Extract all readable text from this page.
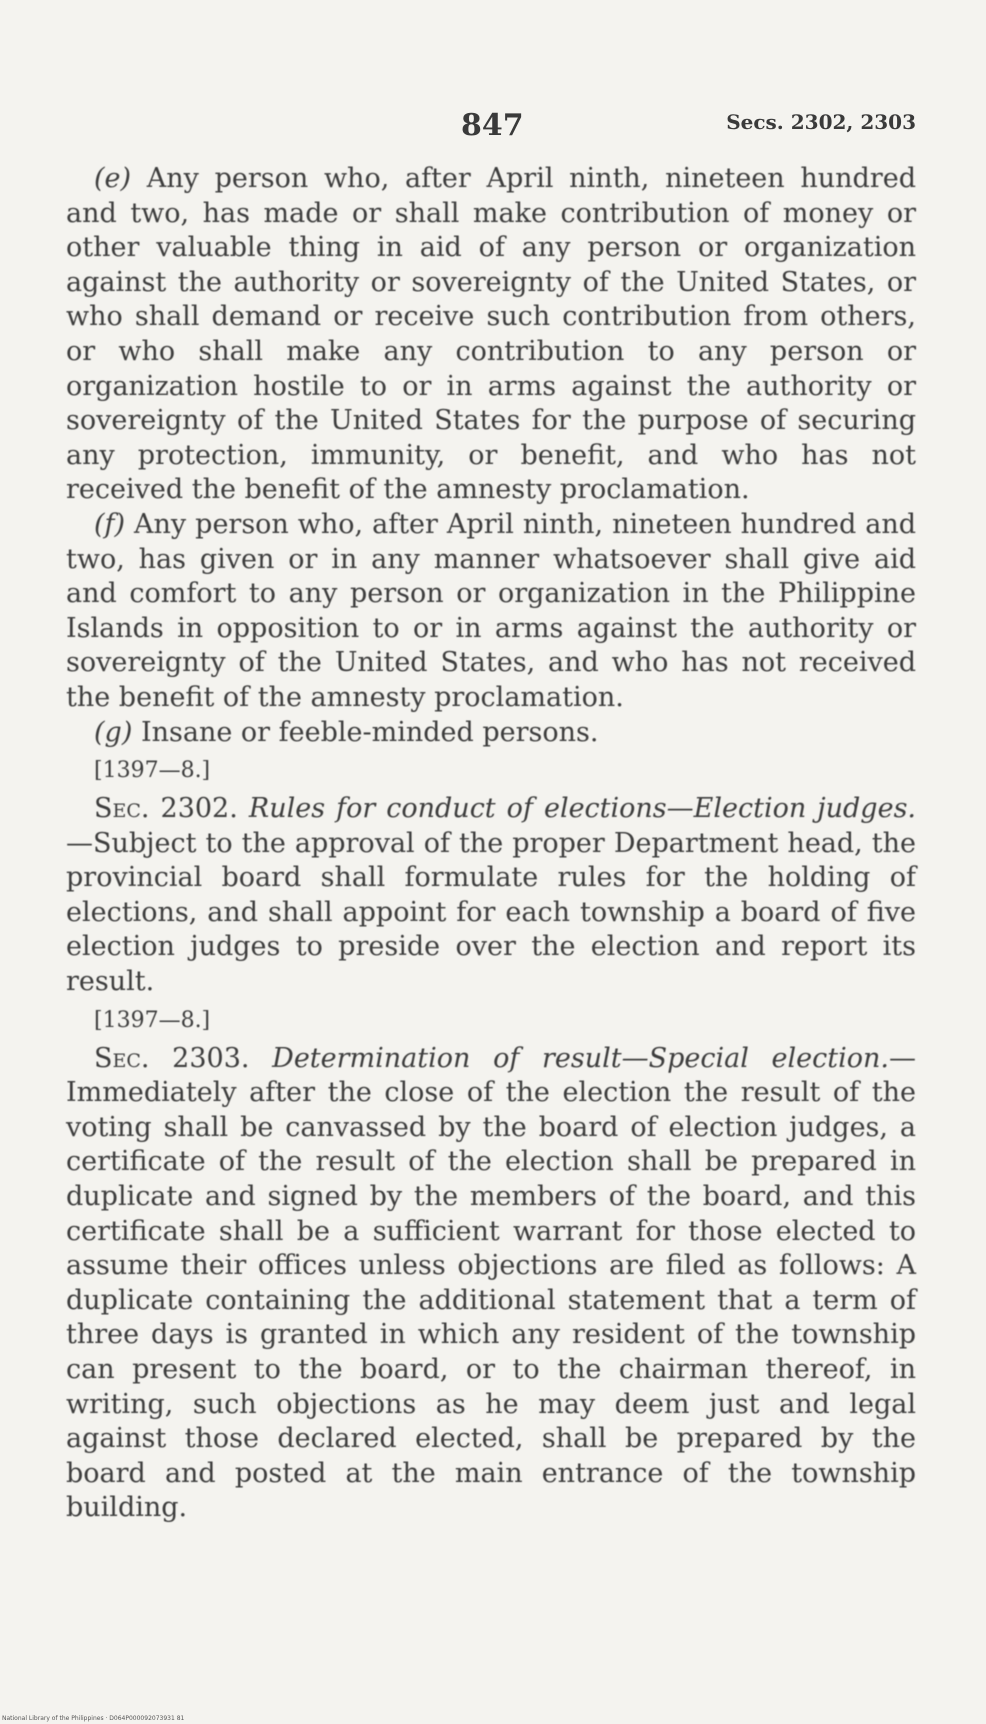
847	Secs. 2302, 2303

(e) Any person who, after April ninth, nineteen hundred and two, has made or shall make contribution of money or other valuable thing in aid of any person or organization against the authority or sovereignty of the United States, or who shall demand or receive such contribution from others, or who shall make any contribution to any person or organization hostile to or in arms against the authority or sovereignty of the United States for the purpose of securing any protection, immunity, or benefit, and who has not received the benefit of the amnesty proclamation.

(f) Any person who, after April ninth, nineteen hundred and two, has given or in any manner whatsoever shall give aid and comfort to any person or organization in the Philippine Islands in opposition to or in arms against the authority or sovereignty of the United States, and who has not received the benefit of the amnesty proclamation.

(g) Insane or feeble-minded persons.

[1397—8.]

Sec. 2302. Rules for conduct of elections—Election judges.—Subject to the approval of the proper Department head, the provincial board shall formulate rules for the holding of elections, and shall appoint for each township a board of five election judges to preside over the election and report its result.

[1397—8.]

Sec. 2303. Determination of result—Special election.—Immediately after the close of the election the result of the voting shall be canvassed by the board of election judges, a certificate of the result of the election shall be prepared in duplicate and signed by the members of the board, and this certificate shall be a sufficient warrant for those elected to assume their offices unless objections are filed as follows: A duplicate containing the additional statement that a term of three days is granted in which any resident of the township can present to the board, or to the chairman thereof, in writing, such objections as he may deem just and legal against those declared elected, shall be prepared by the board and posted at the main entrance of the township building.

National Library of the Philippines · D064P000092073931 81
